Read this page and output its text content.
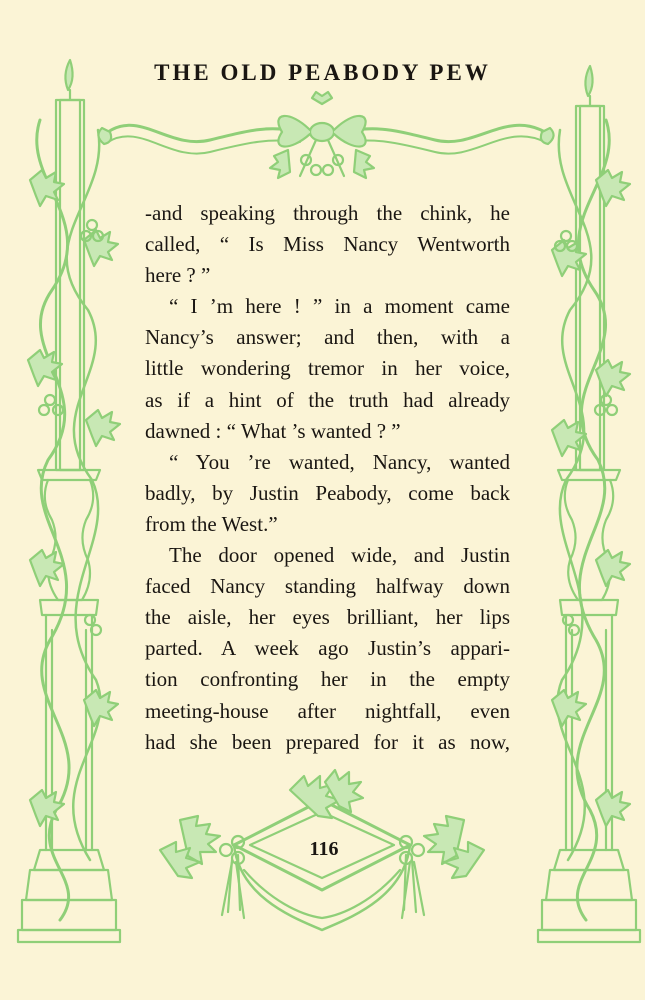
THE OLD PEABODY PEW
-and speaking through the chink, he
called, “ Is Miss Nancy Wentworth
here ? ”
“ I ’m here ! ” in a moment came
Nancy’s answer; and then, with a
little wondering tremor in her voice,
as if a hint of the truth had already
dawned : “ What ’s wanted ? ”
“ You ’re wanted, Nancy, wanted
badly, by Justin Peabody, come back
from the West.”
The door opened wide, and Justin
faced Nancy standing halfway down
the aisle, her eyes brilliant, her lips
parted. A week ago Justin’s appari-
tion confronting her in the empty
meeting-house after nightfall, even
had she been prepared for it as now,
116
